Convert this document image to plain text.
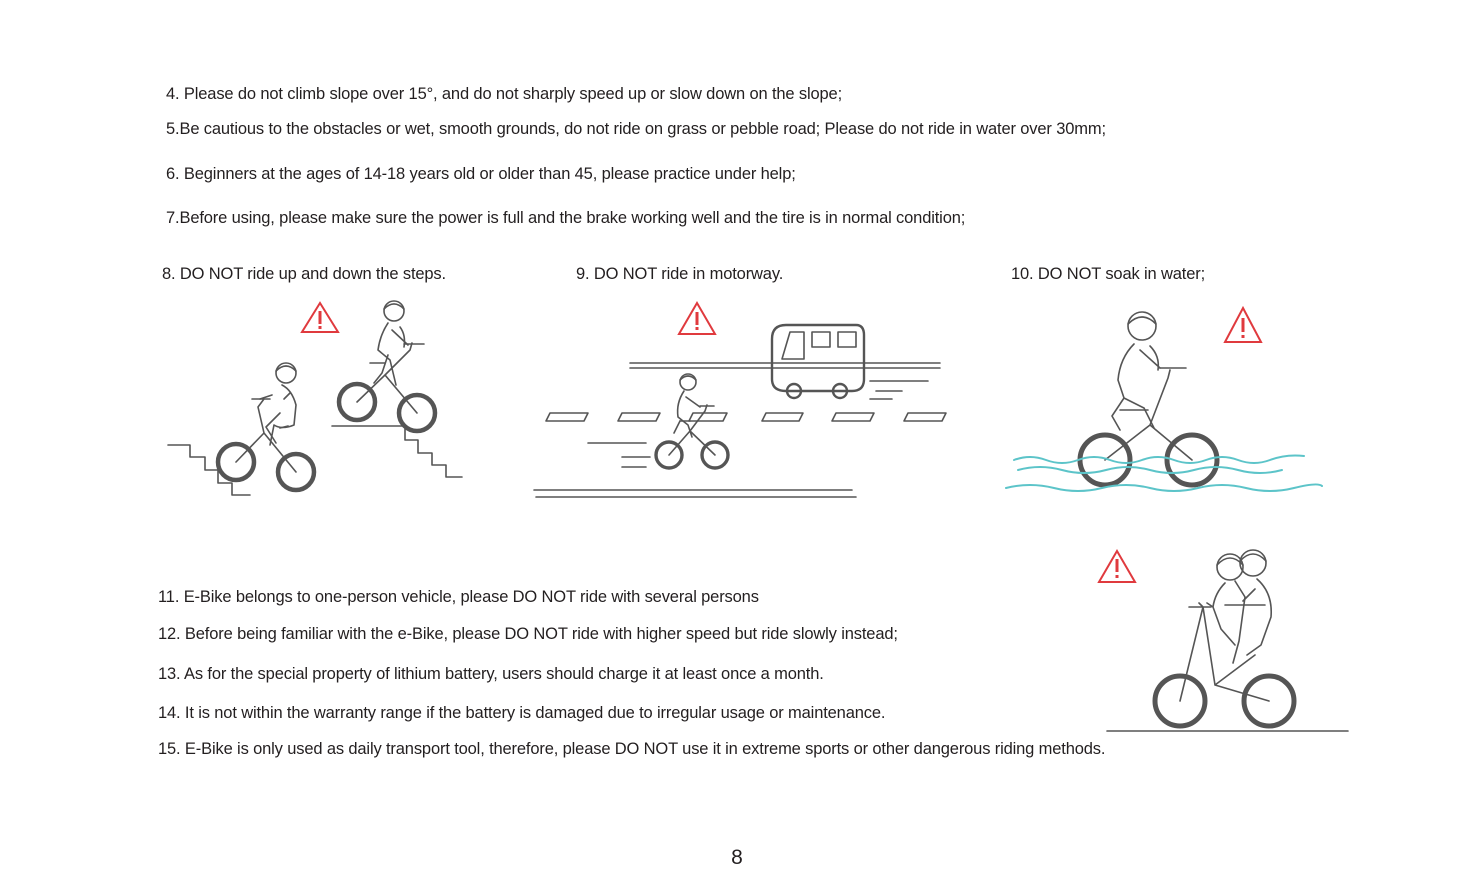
4. Please do not climb slope over 15°, and do not sharply speed up or slow down on the slope;
5.Be cautious to the obstacles or wet, smooth grounds, do not ride on grass or pebble road; Please do not ride in water over 30mm;
6. Beginners at the ages of 14-18 years old or older than 45, please practice under help;
7.Before using, please make sure the power is full and the brake working well and the tire is in normal condition;
8. DO NOT ride up and down the steps.	9. DO NOT ride in motorway.	10. DO NOT soak in water;
11. E-Bike belongs to one-person vehicle, please DO NOT ride with several persons
12. Before being familiar with the e-Bike, please DO NOT ride with higher speed but ride slowly instead;
13. As for the special property of lithium battery, users should charge it at least once a month.
14. It is not within the warranty range if the battery is damaged due to irregular usage or maintenance.
15. E-Bike is only used as daily transport tool, therefore, please DO NOT use it in extreme sports or other dangerous riding methods.
8
